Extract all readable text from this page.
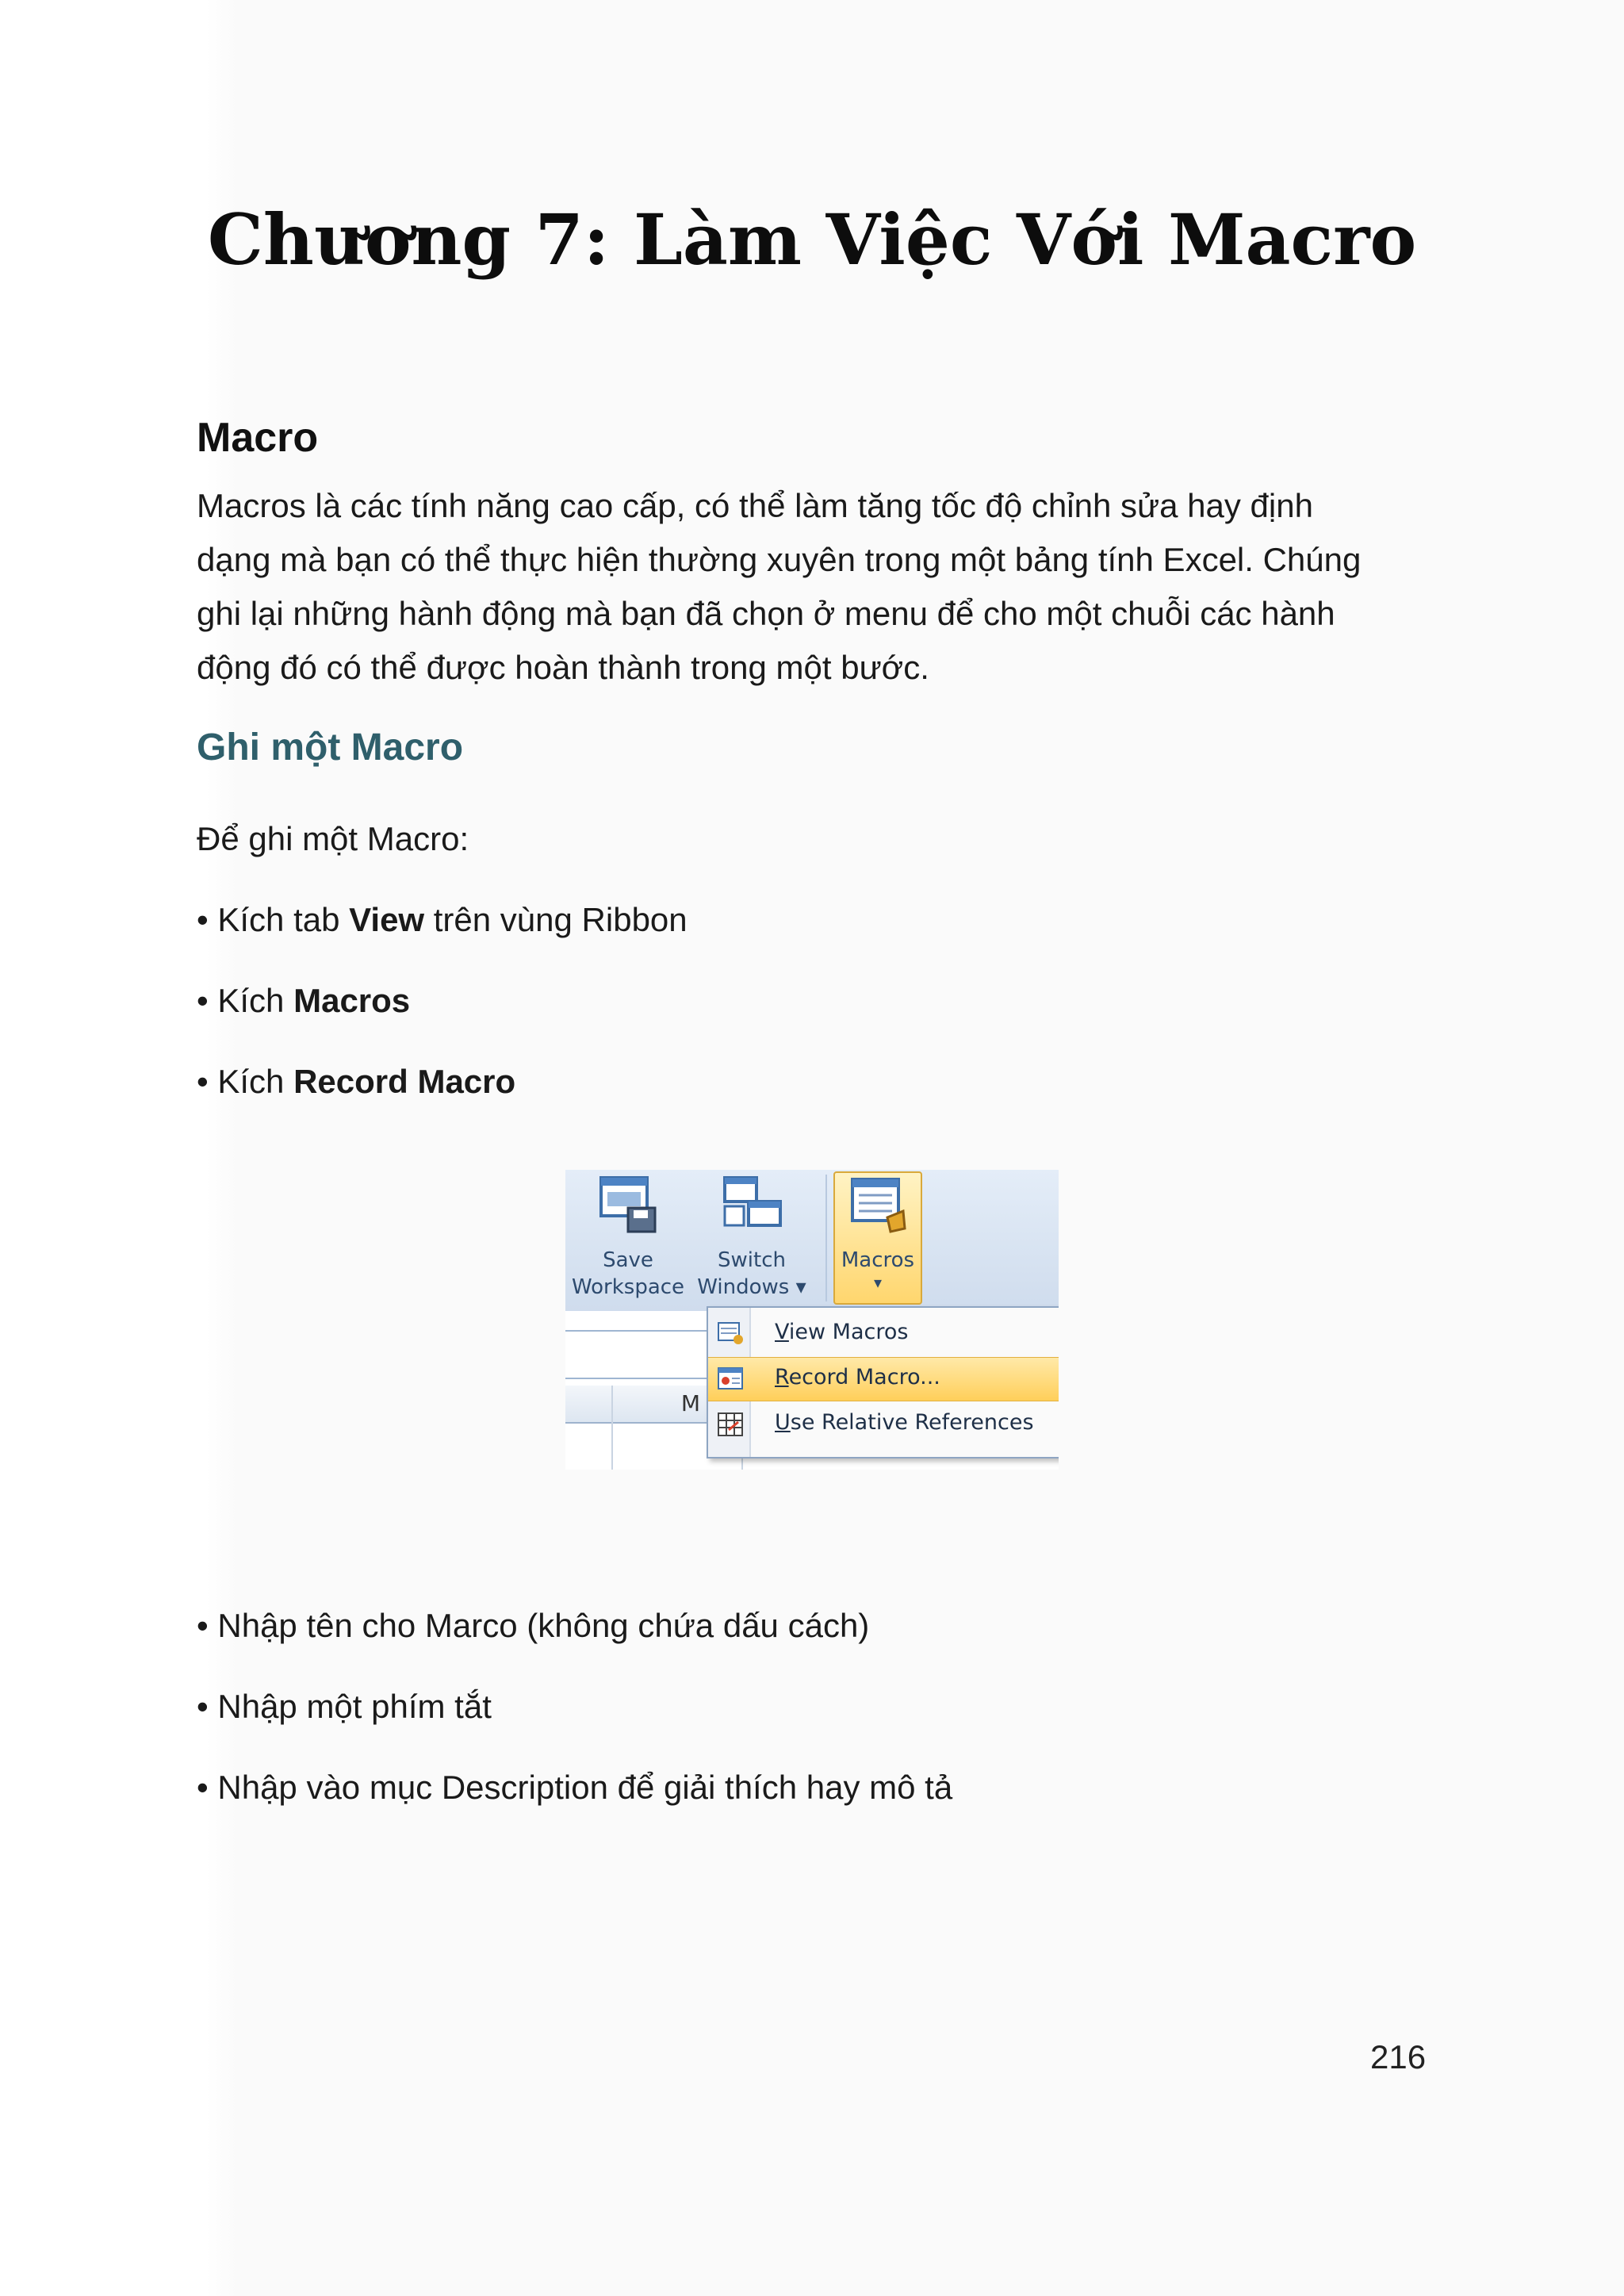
Chương 7: Làm Việc Với Macro
Macro
Macros là các tính năng cao cấp, có thể làm tăng tốc độ chỉnh sửa hay định
dạng mà bạn có thể thực hiện thường xuyên trong một bảng tính Excel. Chúng
ghi lại những hành động mà bạn đã chọn ở menu để cho một chuỗi các hành
động đó có thể được hoàn thành trong một bước.
Ghi một Macro

Để ghi một Macro:

• Kích tab View trên vùng Ribbon

• Kích Macros

• Kích Record Macro

Save
Workspace
Switch
Windows ▾
Macros
▾
M
View Macros
Record Macro...
Use Relative References

• Nhập tên cho Marco (không chứa dấu cách)

• Nhập một phím tắt

• Nhập vào mục Description để giải thích hay mô tả

216
